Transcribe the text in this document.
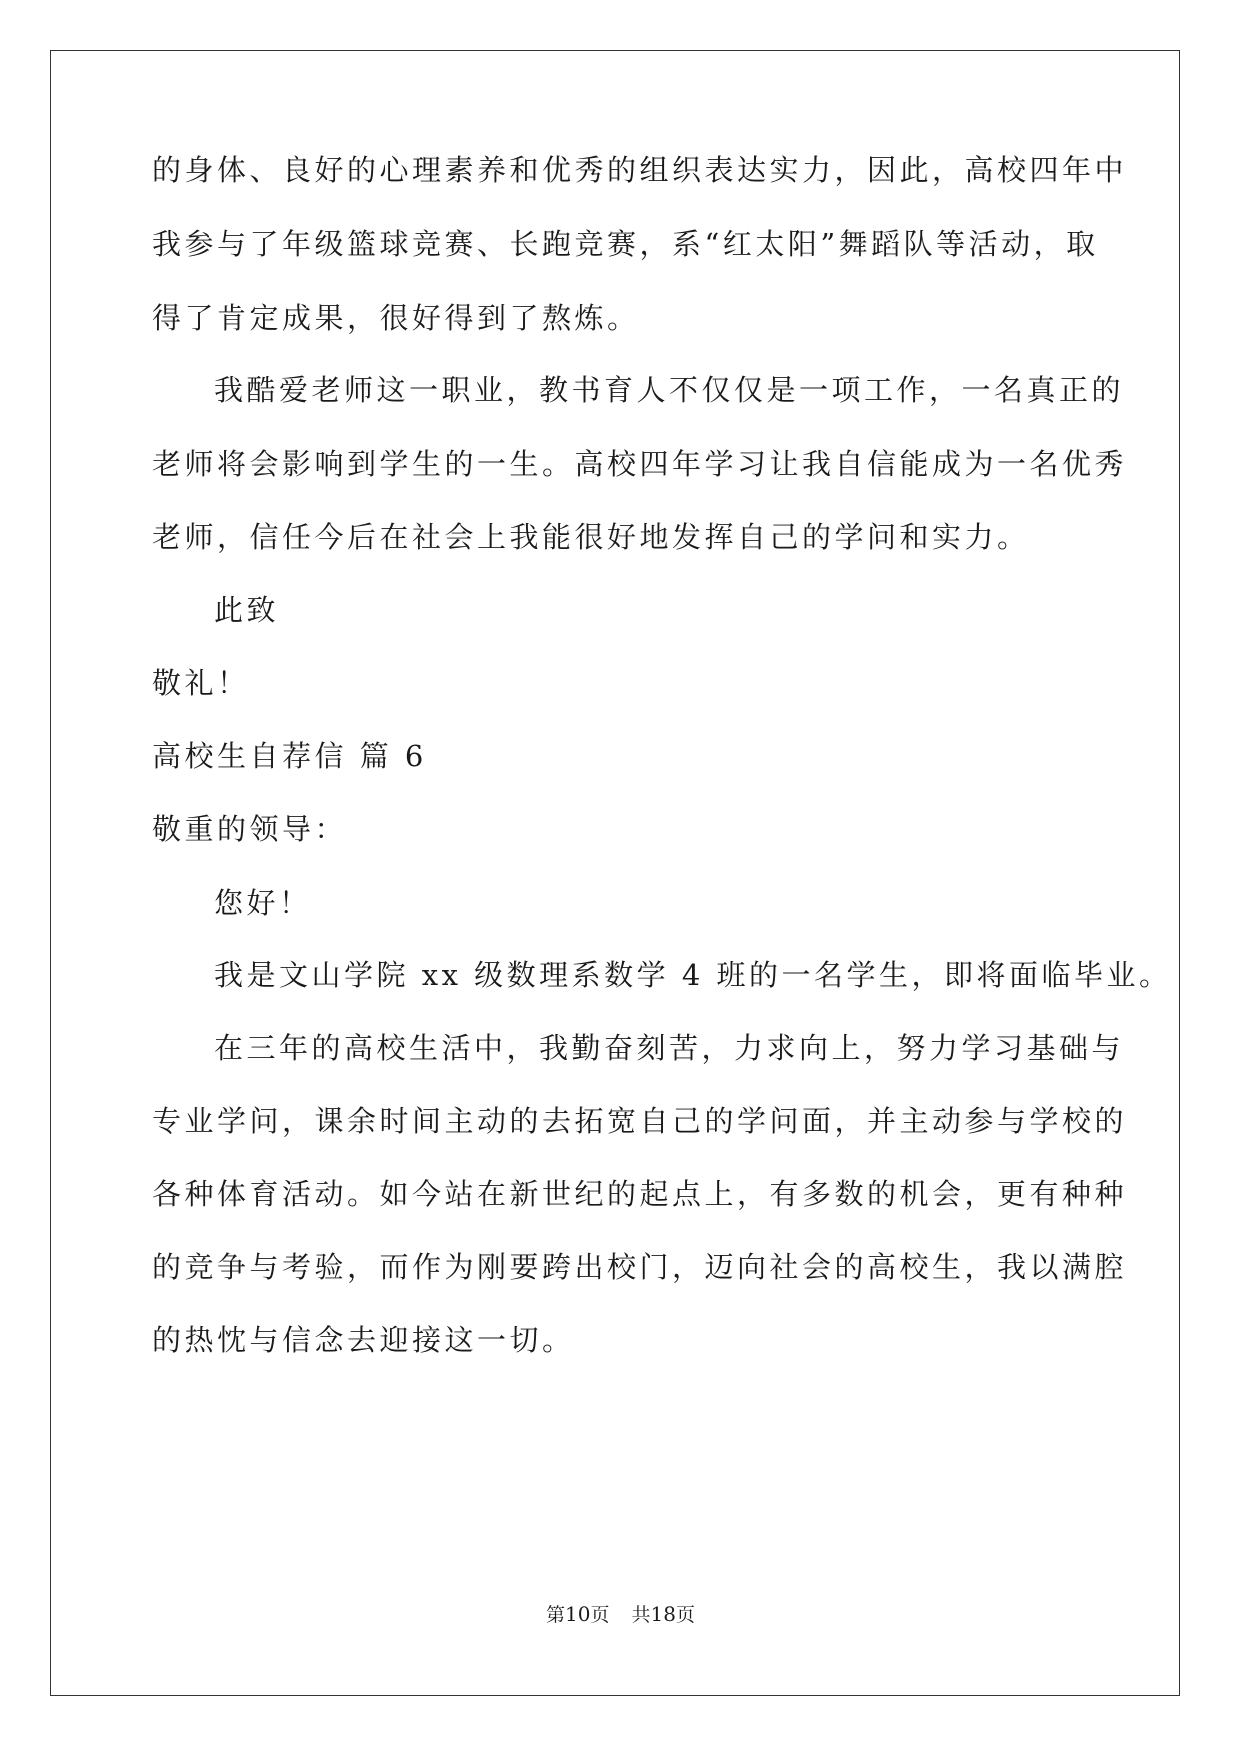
的身体、良好的心理素养和优秀的组织表达实力，因此，高校四年中
我参与了年级篮球竞赛、长跑竞赛，系“红太阳”舞蹈队等活动，取
得了肯定成果，很好得到了熬炼。
我酷爱老师这一职业，教书育人不仅仅是一项工作，一名真正的
老师将会影响到学生的一生。高校四年学习让我自信能成为一名优秀
老师，信任今后在社会上我能很好地发挥自己的学问和实力。
此致
敬礼！
高校生自荐信 篇 6
敬重的领导：
您好！
我是文山学院 xx 级数理系数学 4 班的一名学生，即将面临毕业。
在三年的高校生活中，我勤奋刻苦，力求向上，努力学习基础与
专业学问，课余时间主动的去拓宽自己的学问面，并主动参与学校的
各种体育活动。如今站在新世纪的起点上，有多数的机会，更有种种
的竞争与考验，而作为刚要跨出校门，迈向社会的高校生，我以满腔
的热忱与信念去迎接这一切。
第10页 共18页
